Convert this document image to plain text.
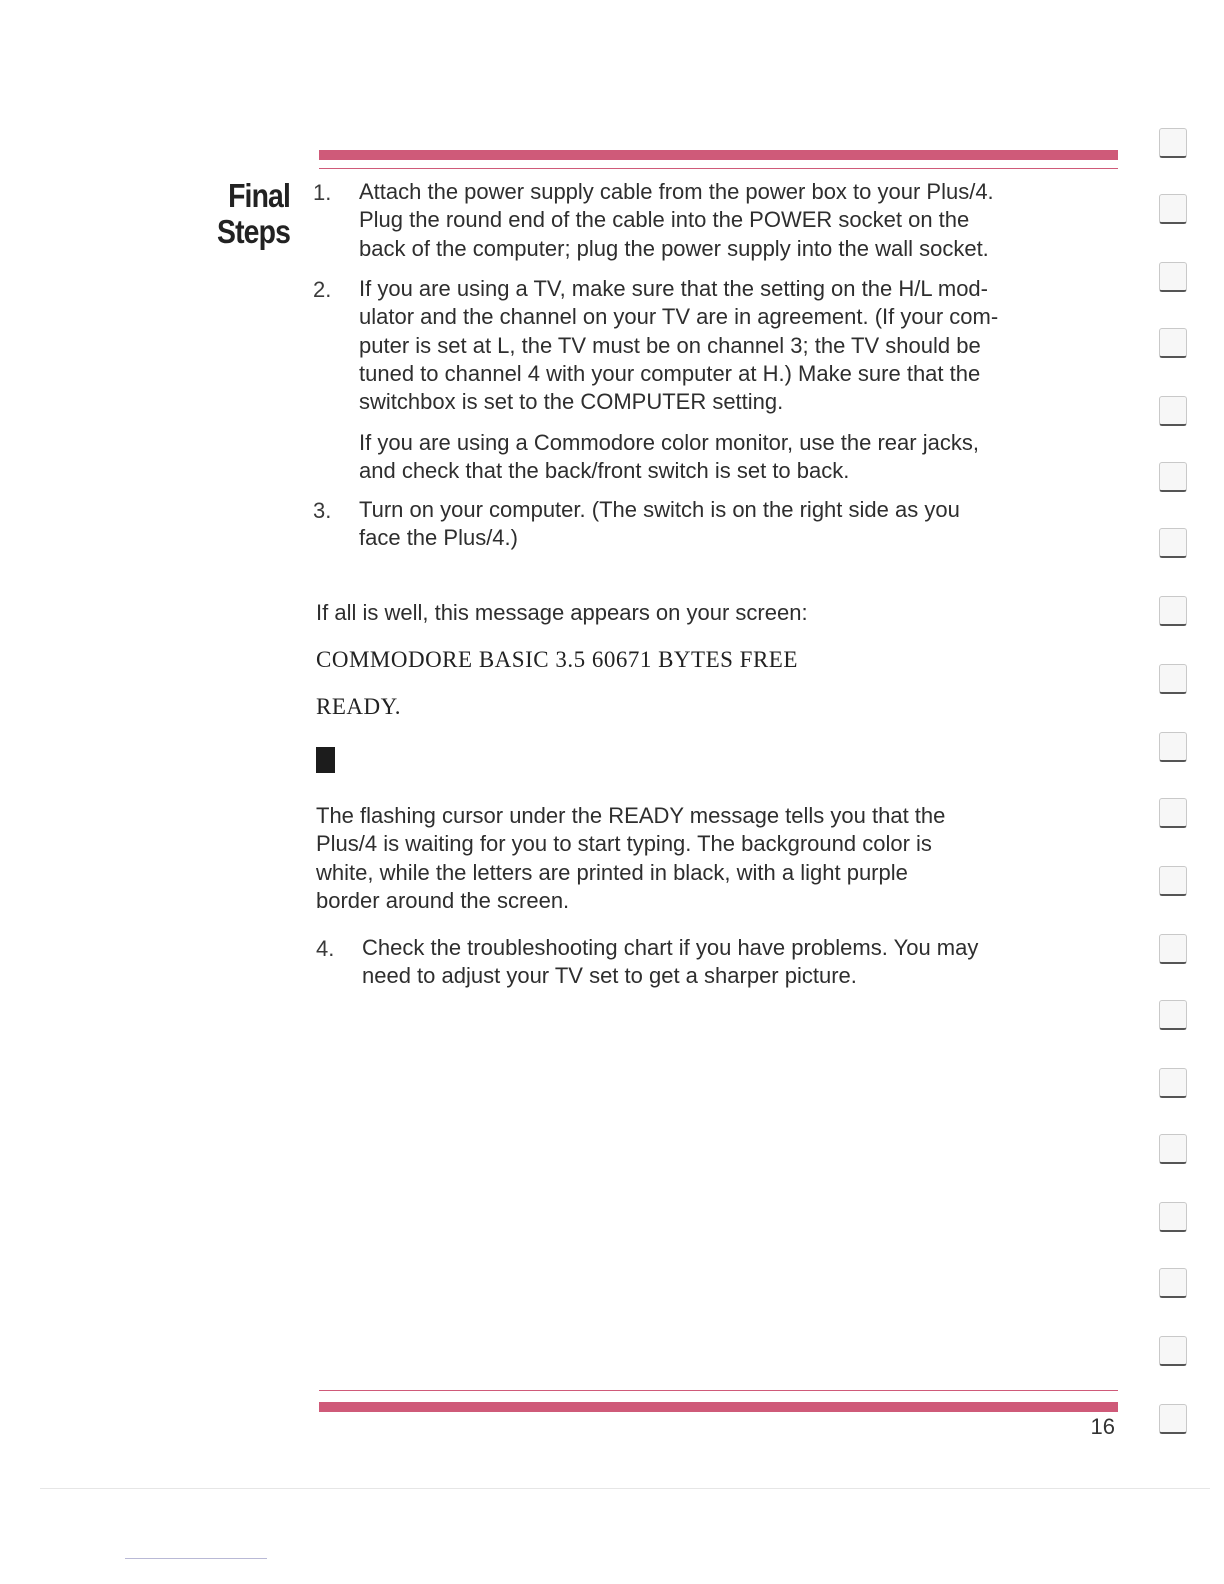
Final
Steps
1. Attach the power supply cable from the power box to your Plus/4.
Plug the round end of the cable into the POWER socket on the
back of the computer; plug the power supply into the wall socket.
2. If you are using a TV, make sure that the setting on the H/L mod-
ulator and the channel on your TV are in agreement. (If your com-
puter is set at L, the TV must be on channel 3; the TV should be
tuned to channel 4 with your computer at H.) Make sure that the
switchbox is set to the COMPUTER setting.
If you are using a Commodore color monitor, use the rear jacks,
and check that the back/front switch is set to back.
3. Turn on your computer. (The switch is on the right side as you
face the Plus/4.)
If all is well, this message appears on your screen:
COMMODORE BASIC 3.5 60671 BYTES FREE
READY.
The flashing cursor under the READY message tells you that the
Plus/4 is waiting for you to start typing. The background color is
white, while the letters are printed in black, with a light purple
border around the screen.
4. Check the troubleshooting chart if you have problems. You may
need to adjust your TV set to get a sharper picture.
16
